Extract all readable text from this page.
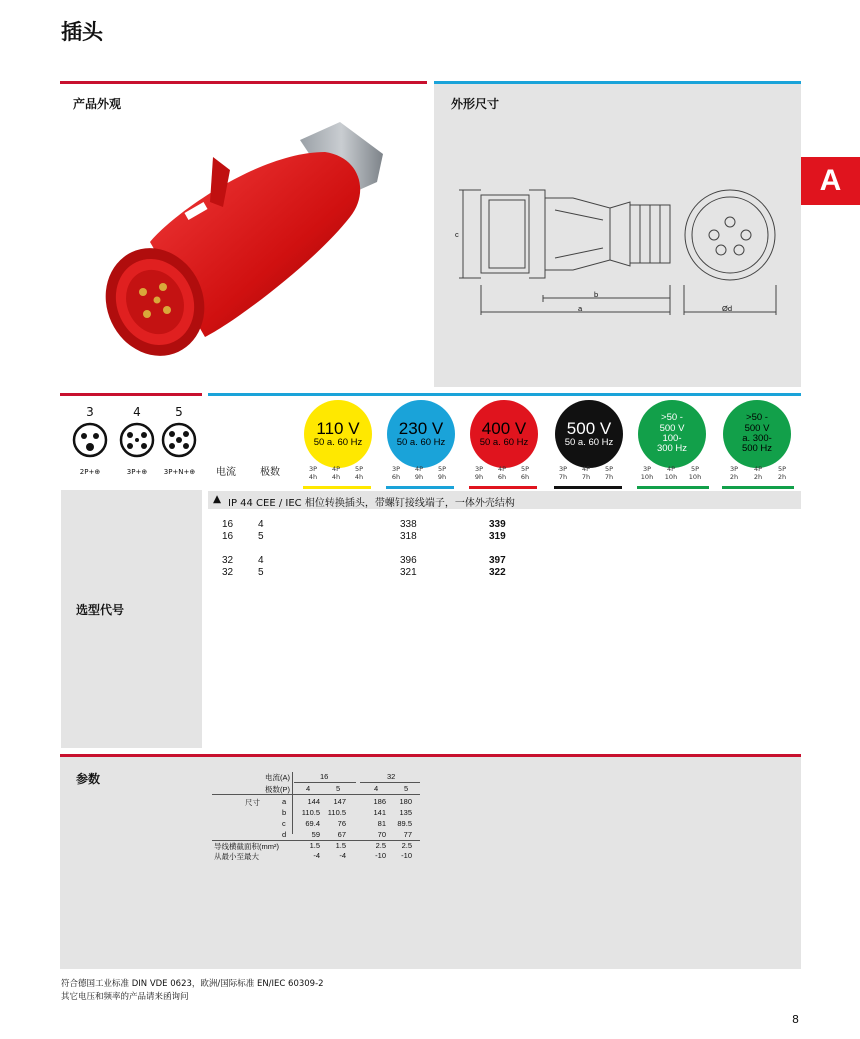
插头
A
产品外观	外形尺寸
c
b
a	Ød
3	4	5
2P+⊕	3P+⊕	3P+N+⊕	电流 极数
110 V
50 a. 60 Hz
230 V
50 a. 60 Hz
400 V
50 a. 60 Hz
500 V
50 a. 60 Hz
>50 -
500 V
100-
300 Hz
>50 -
500 V
a. 300-
500 Hz
3P
4h
4P
4h
5P
4h
3P
6h
4P
9h
5P
9h
3P
9h
4P
6h
5P
6h
3P
7h
4P
7h
5P
7h
3P
10h
4P
10h
5P
10h
3P
2h
4P
2h
5P
2h
选型代号
▲ IP 44 CEE / IEC 相位转换插头，带螺钉接线端子，一体外壳结构
16 4	338	339
16 5	318	319
32 4	396	397
32 5	321	322
参数	电流(A)	16	32
极数(P) 4	5	4	5
尺寸	a	144	147	186	180
b	110.5	110.5	141	135
c	69.4	76	81	89.5
d	59	67	70	77
导线横截面积(mm²)	1.5	1.5	2.5	2.5
从最小至最大	-4	-4	-10	-10
符合德国工业标准 DIN VDE 0623，欧洲/国际标准 EN/IEC 60309-2
其它电压和频率的产品请来函询问
8
